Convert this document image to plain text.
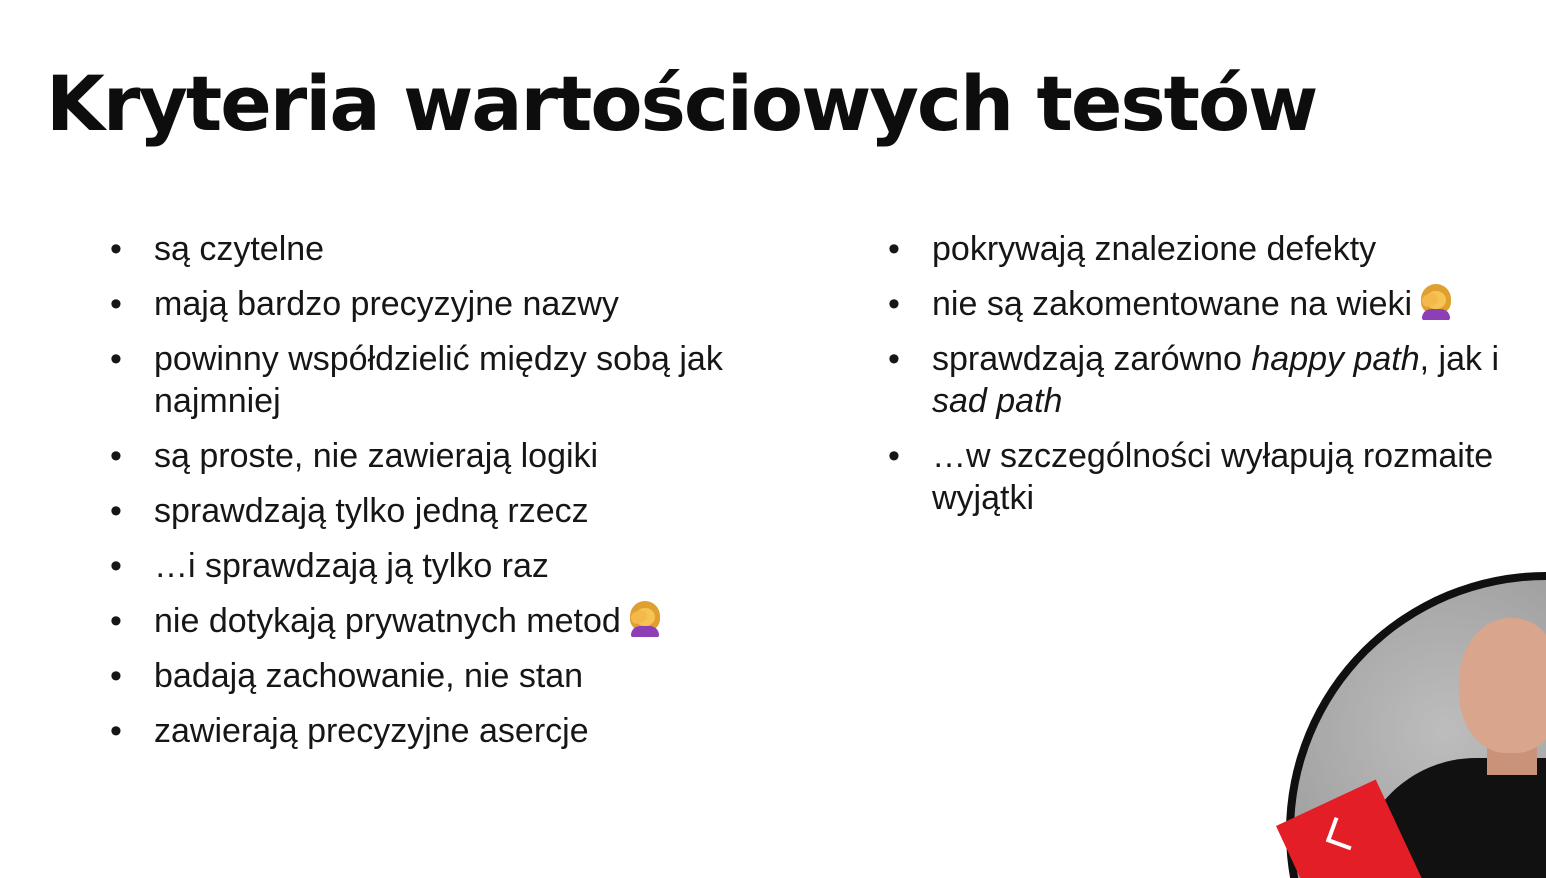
Kryteria wartościowych testów
• są czytelne
• mają bardzo precyzyjne nazwy
• powinny współdzielić między sobą jak najmniej
• są proste, nie zawierają logiki
• sprawdzają tylko jedną rzecz
• …i sprawdzają ją tylko raz
• nie dotykają prywatnych metod
• badają zachowanie, nie stan
• zawierają precyzyjne asercje
• pokrywają znalezione defekty
• nie są zakomentowane na wieki
• sprawdzają zarówno happy path, jak i sad path
• …w szczególności wyłapują rozmaite wyjątki
